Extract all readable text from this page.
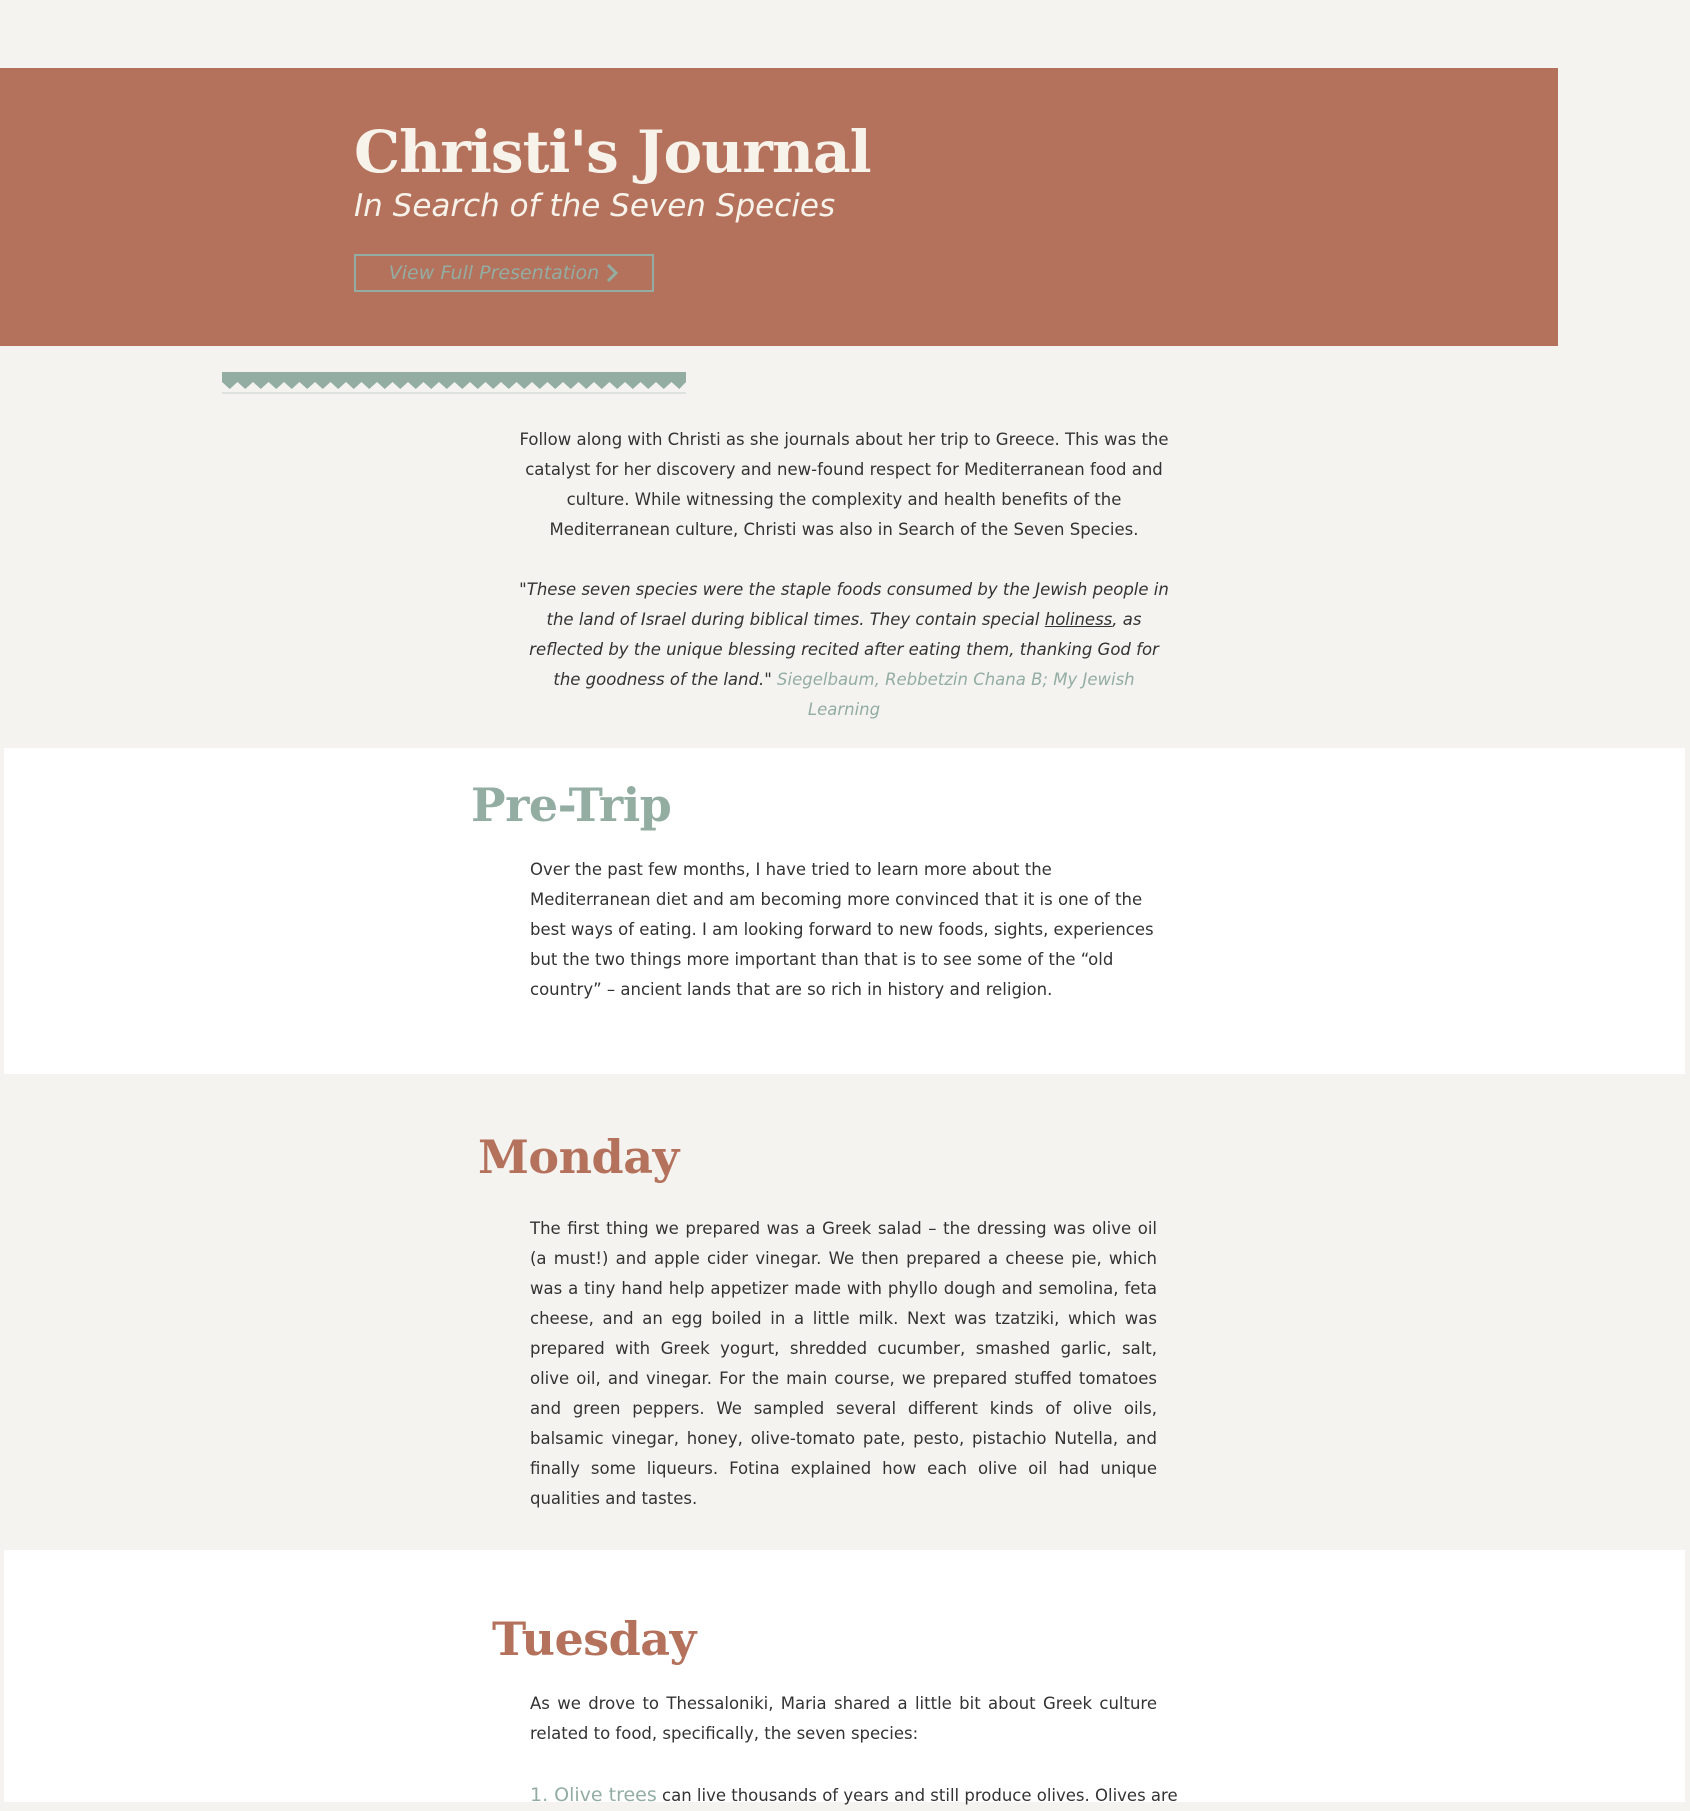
Christi's Journal
In Search of the Seven Species
View Full Presentation

Follow along with Christi as she journals about her trip to Greece. This was the catalyst for her discovery and new-found respect for Mediterranean food and culture. While witnessing the complexity and health benefits of the Mediterranean culture, Christi was also in Search of the Seven Species.

"These seven species were the staple foods consumed by the Jewish people in the land of Israel during biblical times. They contain special holiness, as reflected by the unique blessing recited after eating them, thanking God for the goodness of the land." Siegelbaum, Rebbetzin Chana B; My Jewish Learning

Pre-Trip

Over the past few months, I have tried to learn more about the Mediterranean diet and am becoming more convinced that it is one of the best ways of eating. I am looking forward to new foods, sights, experiences but the two things more important than that is to see some of the “old country” – ancient lands that are so rich in history and religion.

Monday

The first thing we prepared was a Greek salad – the dressing was olive oil (a must!) and apple cider vinegar. We then prepared a cheese pie, which was a tiny hand help appetizer made with phyllo dough and semolina, feta cheese, and an egg boiled in a little milk. Next was tzatziki, which was prepared with Greek yogurt, shredded cucumber, smashed garlic, salt, olive oil, and vinegar. For the main course, we prepared stuffed tomatoes and green peppers. We sampled several different kinds of olive oils, balsamic vinegar, honey, olive-tomato pate, pesto, pistachio Nutella, and finally some liqueurs. Fotina explained how each olive oil had unique qualities and tastes.

Tuesday

As we drove to Thessaloniki, Maria shared a little bit about Greek culture related to food, specifically, the seven species:

1. Olive trees can live thousands of years and still produce olives. Olives are
